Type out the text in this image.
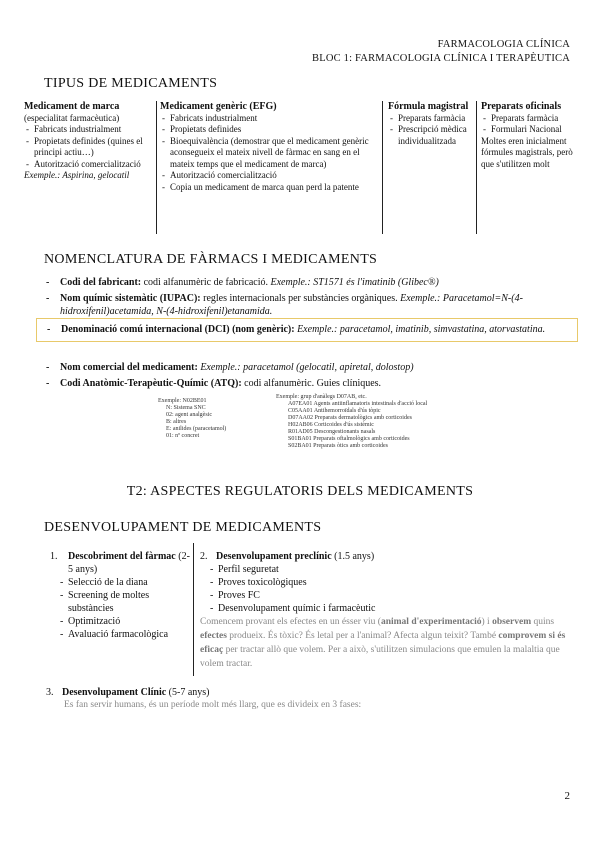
FARMACOLOGIA CLÍNICA
BLOC 1: FARMACOLOGIA CLÍNICA I TERAPÈUTICA
TIPUS DE MEDICAMENTS
Medicament de marca
(especialitat farmacèutica)
- Fabricats industrialment
- Propietats definides (quines el principi actiu…)
- Autorització comercialització
Exemple.: Aspirina, gelocatil
Medicament genèric (EFG)
- Fabricats industrialment
- Propietats definides
- Bioequivalència (demostrar que el medicament genèric aconsegueix el mateix nivell de fàrmac en sang en el mateix temps que el medicament de marca)
- Autorització comercialització
- Copia un medicament de marca quan perd la patente
Fórmula magistral
- Preparats farmàcia
- Prescripció mèdica individualitzada
Preparats oficinals
- Preparats farmàcia
- Formulari Nacional
Moltes eren inicialment fórmules magistrals, però que s'utilitzen molt
NOMENCLATURA DE FÀRMACS I MEDICAMENTS
- Codi del fabricant: codi alfanumèric de fabricació. Exemple.: ST1571 és l'imatinib (Glibec®)
- Nom químic sistemàtic (IUPAC): regles internacionals per substàncies orgàniques. Exemple.: Paracetamol=N-(4-hidroxifenil)acetamida, N-(4-hidroxifenil)etanamida.
- Denominació comú internacional (DCI) (nom genèric): Exemple.: paracetamol, imatinib, simvastatina, atorvastatina.
- Nom comercial del medicament: Exemple.: paracetamol (gelocatil, apiretal, dolostop)
- Codi Anatòmic-Terapèutic-Químic (ATQ): codi alfanumèric. Guies clíniques.
Exemple: N02BE01
N: Sistema SNC
02: agent analgèsic
B: altres
E: anilides (paracetamol)
01: nº concret
Exemple: grup d'anàlegs D07AB, etc.
A07EA01 Agents antiinflamatoris intestinals d'acció local
C05AA01 Antihemorroïdals d'ús tòpic
D07AA02 Preparats dermatològics amb corticoides
H02AB06 Corticoides d'ús sistèmic
R01AD05 Descongestionants nasals
S01BA01 Preparats oftalmològics amb corticoides
S02BA01 Preparats òtics amb corticoides
T2: ASPECTES REGULATORIS DELS MEDICAMENTS
DESENVOLUPAMENT DE MEDICAMENTS
1. Descobriment del fàrmac (2-5 anys)
- Selecció de la diana
- Screening de moltes substàncies
- Optimització
- Avaluació farmacològica
2. Desenvolupament preclínic (1.5 anys)
- Perfil seguretat
- Proves toxicològiques
- Proves FC
- Desenvolupament químic i farmacèutic
Comencem provant els efectes en un ésser viu (animal d'experimentació) i observem quins efectes produeix. És tòxic? És letal per a l'animal? Afecta algun teixit? També comprovem si és eficaç per tractar allò que volem. Per a això, s'utilitzen simulacions que emulen la malaltia que volem tractar.
3. Desenvolupament Clínic (5-7 anys)
Es fan servir humans, és un període molt més llarg, que es divideix en 3 fases:
2
